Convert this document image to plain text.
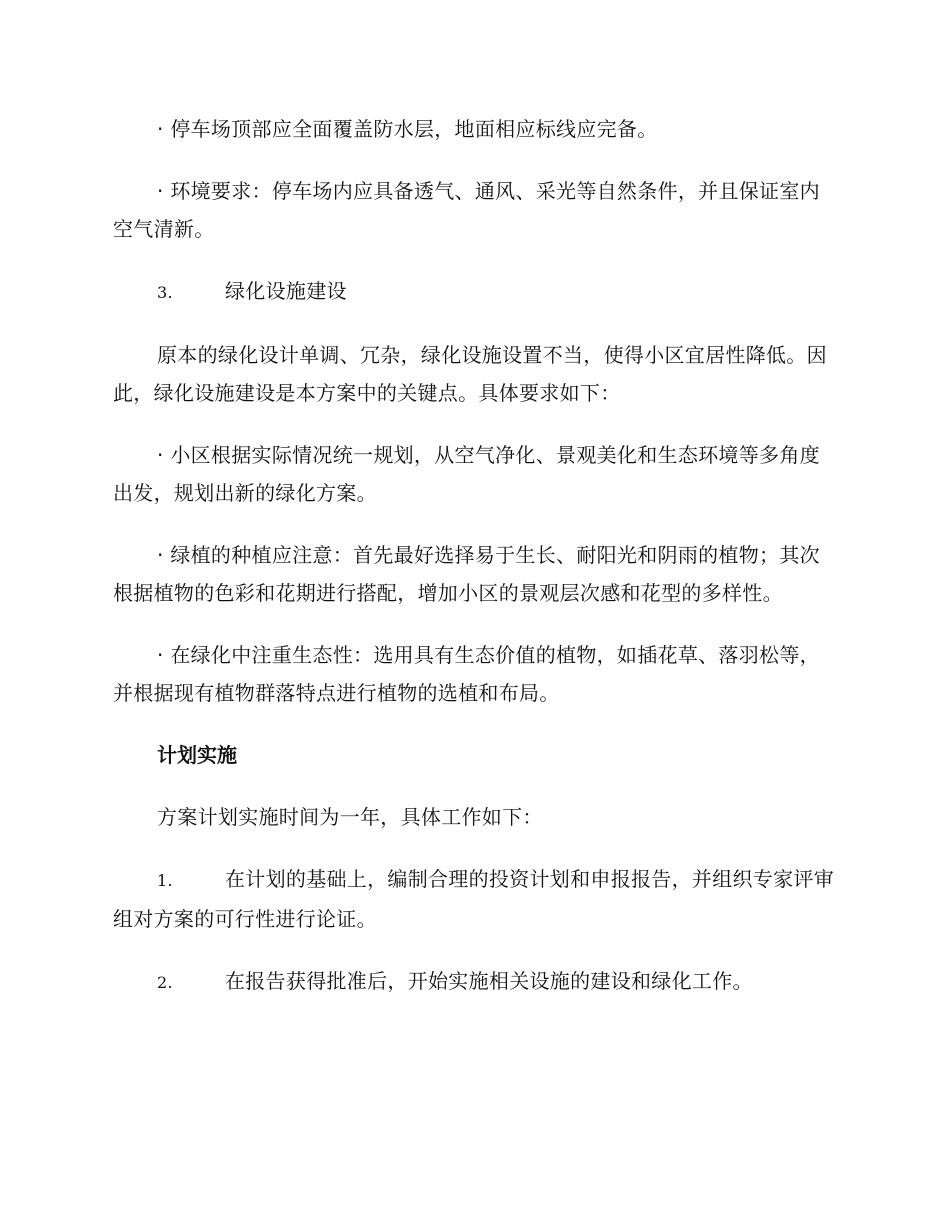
· 停车场顶部应全面覆盖防水层，地面相应标线应完备。

· 环境要求：停车场内应具备透气、通风、采光等自然条件，并且保证室内空气清新。

3.	绿化设施建设

原本的绿化设计单调、冗杂，绿化设施设置不当，使得小区宜居性降低。因此，绿化设施建设是本方案中的关键点。具体要求如下：

· 小区根据实际情况统一规划，从空气净化、景观美化和生态环境等多角度出发，规划出新的绿化方案。

· 绿植的种植应注意：首先最好选择易于生长、耐阳光和阴雨的植物；其次根据植物的色彩和花期进行搭配，增加小区的景观层次感和花型的多样性。

· 在绿化中注重生态性：选用具有生态价值的植物，如插花草、落羽松等，并根据现有植物群落特点进行植物的选植和布局。

计划实施

方案计划实施时间为一年，具体工作如下：

1.	在计划的基础上，编制合理的投资计划和申报报告，并组织专家评审组对方案的可行性进行论证。

2.	在报告获得批准后，开始实施相关设施的建设和绿化工作。
